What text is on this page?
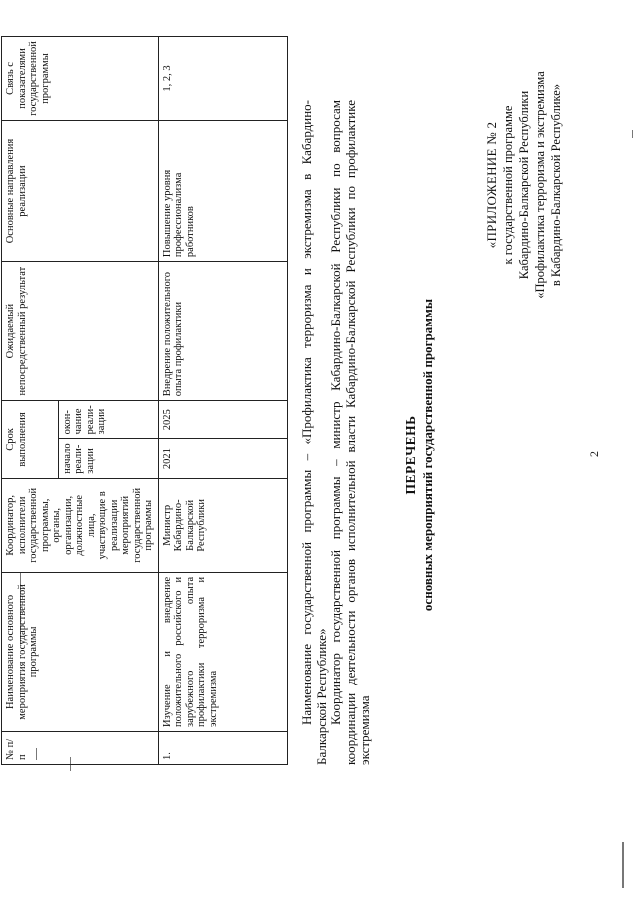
2
«ПРИЛОЖЕНИЕ № 2 к государственной программе Кабардино-Балкарской Республики «Профилактика терроризма и экстремизма в Кабардино-Балкарской Республике»
ПЕРЕЧЕНЬ основных мероприятий государственной программы

Наименование государственной программы – «Профилактика терроризма и экстремизма в Кабардино-Балкарской Республике» Координатор государственной программы – министр Кабардино-Балкарской Республики по вопросам координации деятельности органов исполнительной власти Кабардино-Балкарской Республики по профилактике экстремизма

№ п/п	Наименование основного мероприятия государственной программы	Координатор, исполнители государственной программы, органы, организации, должностные лица, участвующие в реализации мероприятий государственной программы	Срок выполнения		Ожидаемый непосредственный результат	Основные направления реализации	Связь с показателями государственной программы
			начало реали-зации	окон-чание реали-зации			
1.	Изучение и внедрение положительного российского и зарубежного опыта профилактики терроризма и экстремизма	Министр Кабардино-Балкарской Республики	2021	2025	Внедрение положительного опыта профилактики	Повышение уровня профессионализма работников	1, 2, 3
